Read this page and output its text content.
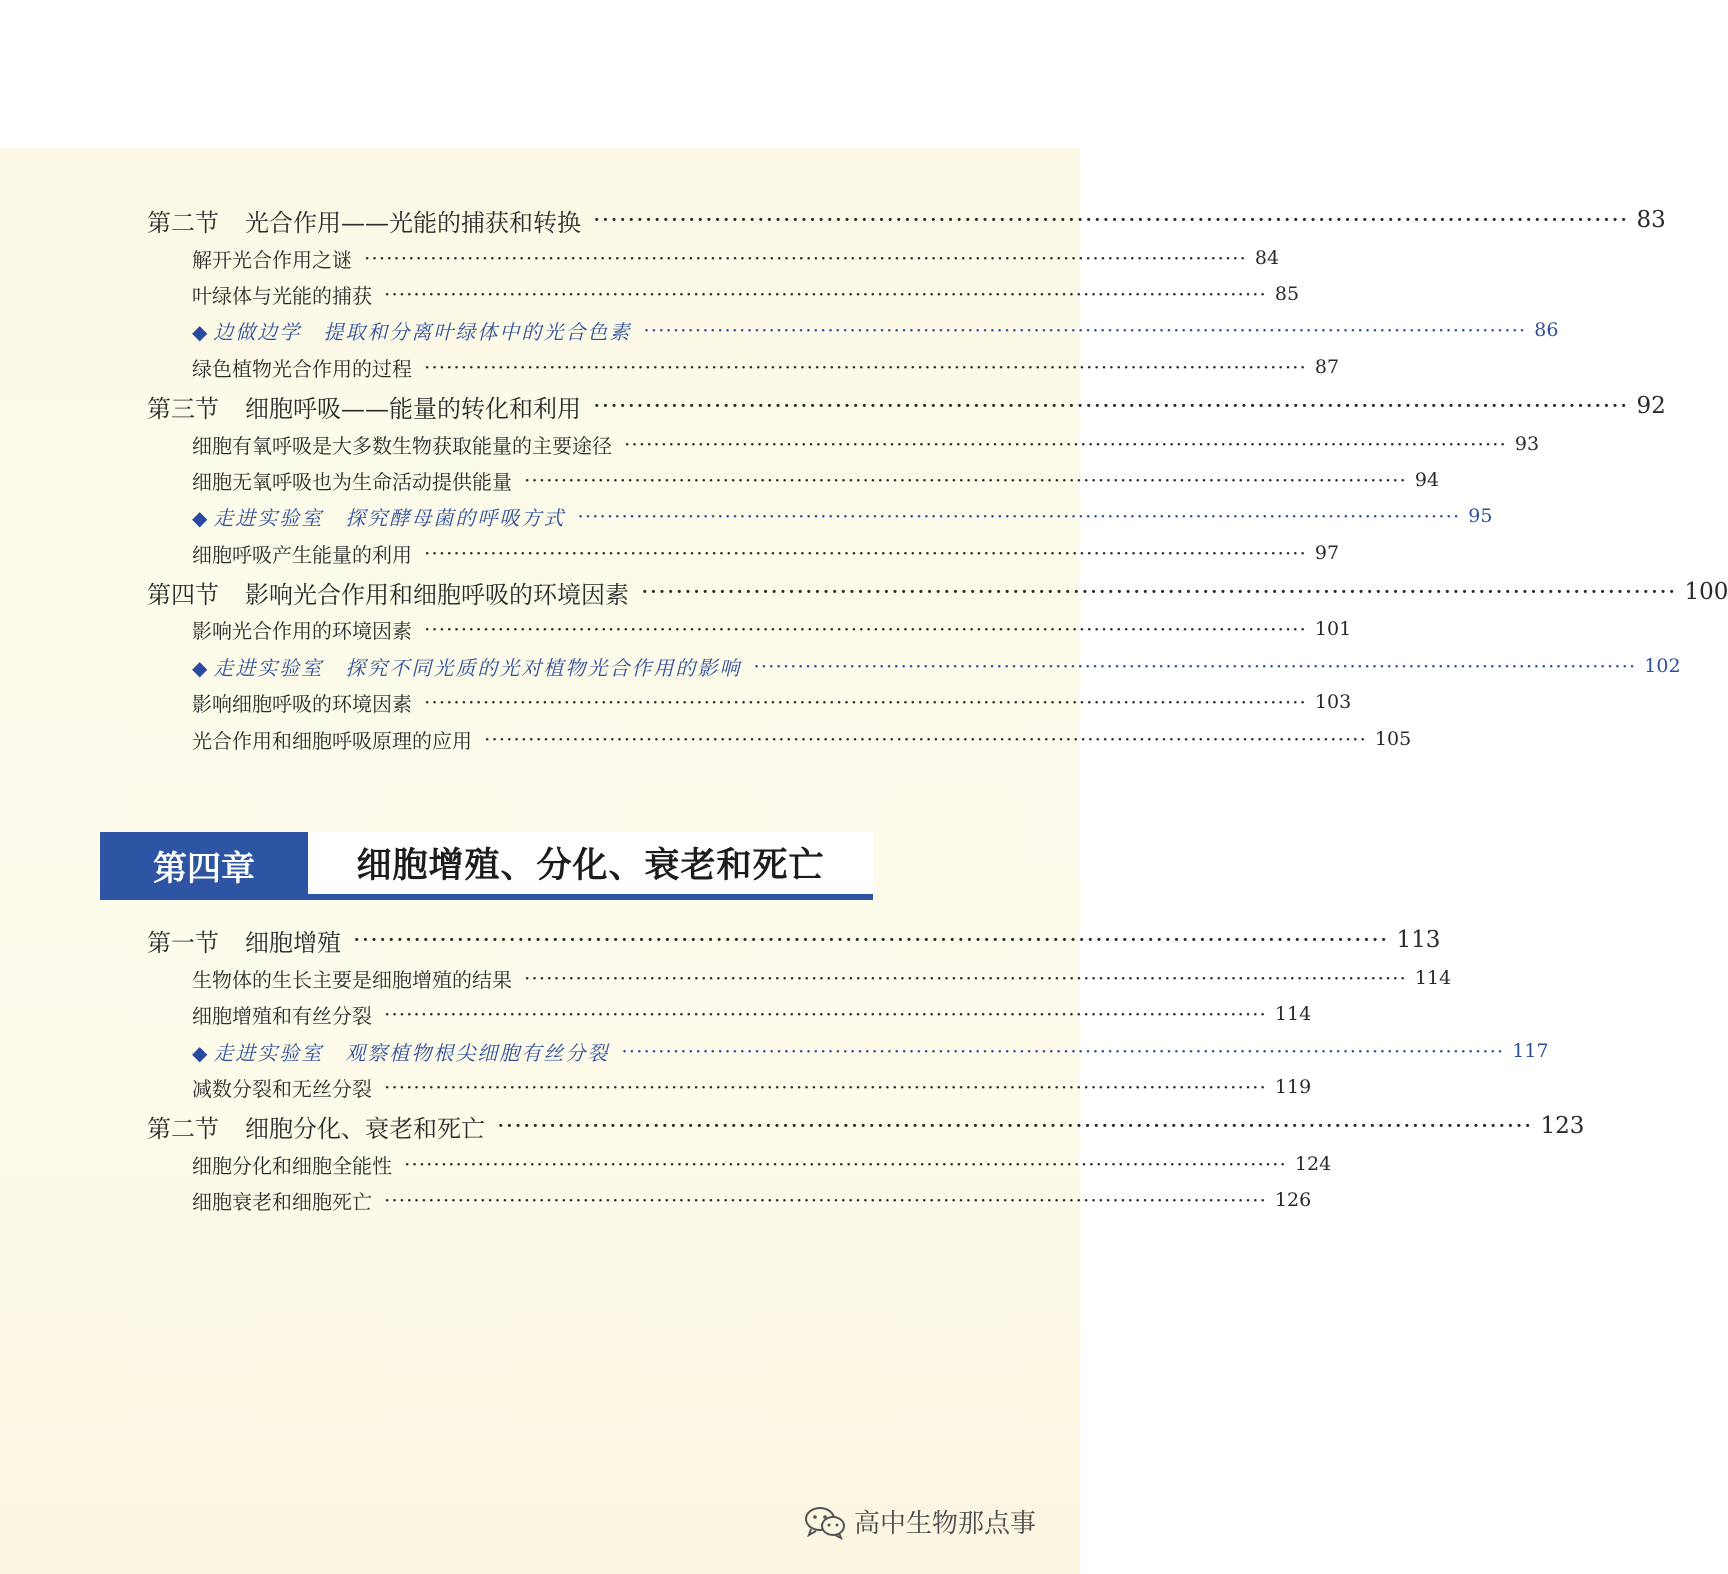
第二节 光合作用——光能的捕获和转换 ························································································································ 83
解开光合作用之谜 ························································································································ 84
叶绿体与光能的捕获 ························································································································ 85
◆ 边做边学　提取和分离叶绿体中的光合色素 ························································································································ 86
绿色植物光合作用的过程 ························································································································ 87
第三节 细胞呼吸——能量的转化和利用 ························································································································ 92
细胞有氧呼吸是大多数生物获取能量的主要途径 ························································································································ 93
细胞无氧呼吸也为生命活动提供能量 ························································································································ 94
◆ 走进实验室　探究酵母菌的呼吸方式 ························································································································ 95
细胞呼吸产生能量的利用 ························································································································ 97
第四节 影响光合作用和细胞呼吸的环境因素 ························································································································ 100
影响光合作用的环境因素 ························································································································ 101
◆ 走进实验室　探究不同光质的光对植物光合作用的影响 ························································································································ 102
影响细胞呼吸的环境因素 ························································································································ 103
光合作用和细胞呼吸原理的应用 ························································································································ 105
第四章	细胞增殖、分化、衰老和死亡
第一节 细胞增殖 ························································································································ 113
生物体的生长主要是细胞增殖的结果 ························································································································ 114
细胞增殖和有丝分裂 ························································································································ 114
◆ 走进实验室　观察植物根尖细胞有丝分裂 ························································································································ 117
减数分裂和无丝分裂 ························································································································ 119
第二节 细胞分化、衰老和死亡 ························································································································ 123
细胞分化和细胞全能性 ························································································································ 124
细胞衰老和细胞死亡 ························································································································ 126
高中生物那点事
